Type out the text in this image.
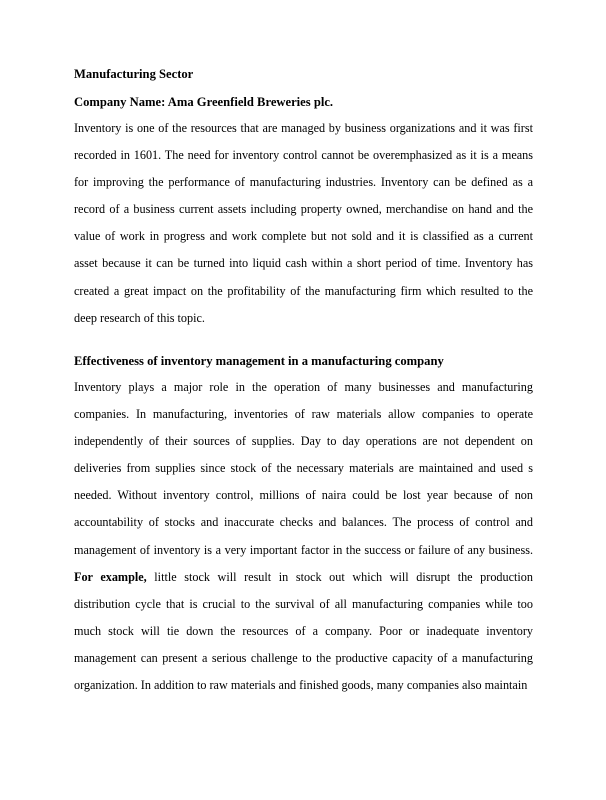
Manufacturing Sector
Company Name: Ama Greenfield Breweries plc.
Inventory is one of the resources that are managed by business organizations and it was first
recorded in 1601. The need for inventory control cannot be overemphasized as it is a means
for improving the performance of manufacturing industries. Inventory can be defined as a
record of a business current assets including property owned, merchandise on hand and the
value of work in progress and work complete but not sold and it is classified as a current
asset because it can be turned into liquid cash within a short period of time. Inventory has
created a great impact on the profitability of the manufacturing firm which resulted to the
deep research of this topic.
Effectiveness of inventory management in a manufacturing company
Inventory plays a major role in the operation of many businesses and manufacturing
companies. In manufacturing, inventories of raw materials allow companies to operate
independently of their sources of supplies. Day to day operations are not dependent on
deliveries from supplies since stock of the necessary materials are maintained and used s
needed. Without inventory control, millions of naira could be lost year because of non
accountability of stocks and inaccurate checks and balances. The process of control and
management of inventory is a very important factor in the success or failure of any business.
For example, little stock will result in stock out which will disrupt the production
distribution cycle that is crucial to the survival of all manufacturing companies while too
much stock will tie down the resources of a company. Poor or inadequate inventory
management can present a serious challenge to the productive capacity of a manufacturing
organization. In addition to raw materials and finished goods, many companies also maintain
